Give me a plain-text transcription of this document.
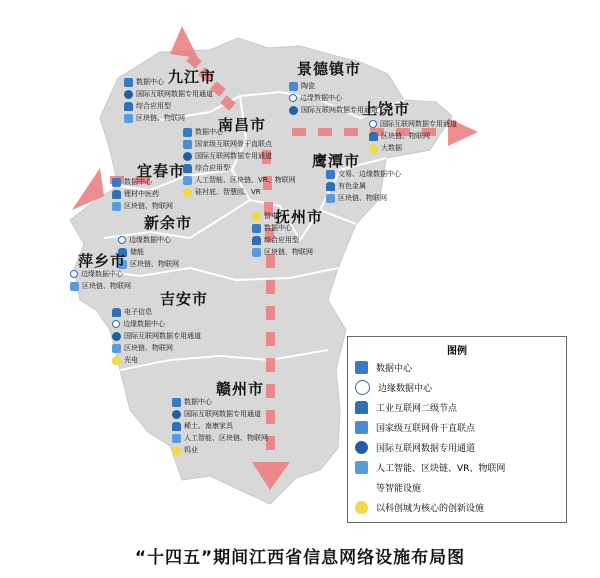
九江市
数据中心
国际互联网数据专用通道
综合应用型
区块链、物联网
景德镇市
陶瓷
边缘数据中心
国际互联网数据专用通道
上饶市
国际互联网数据专用通道
区块链、物联网
大数据
南昌市
数据中心
国家级互联网骨干直联点
国际互联网数据专用通道
综合应用型
人工智能、区块链、VR、物联网
硅衬底、智慧园、VR
鹰潭市
交易、边缘数据中心
有色金属
区块链、物联网
宜春市
数据中心
锂材中医药
区块链、物联网
抚州市
智电
数据中心
综合应用型
区块链、物联网
新余市
边缘数据中心
储能
区块链、物联网
萍乡市
边缘数据中心
区块链、物联网
吉安市
电子信息
边缘数据中心
国际互联网数据专用通道
区块链、物联网
光电
赣州市
数据中心
国际互联网数据专用通道
稀土、南康家具
人工智能、区块链、物联网
钨业
图例
数据中心
边缘数据中心
工业互联网二级节点
国家级互联网骨干直联点
国际互联网数据专用通道
人工智能、区块链、VR、物联网
等智能设施
以科创城为核心的创新设施
“十四五”期间江西省信息网络设施布局图
